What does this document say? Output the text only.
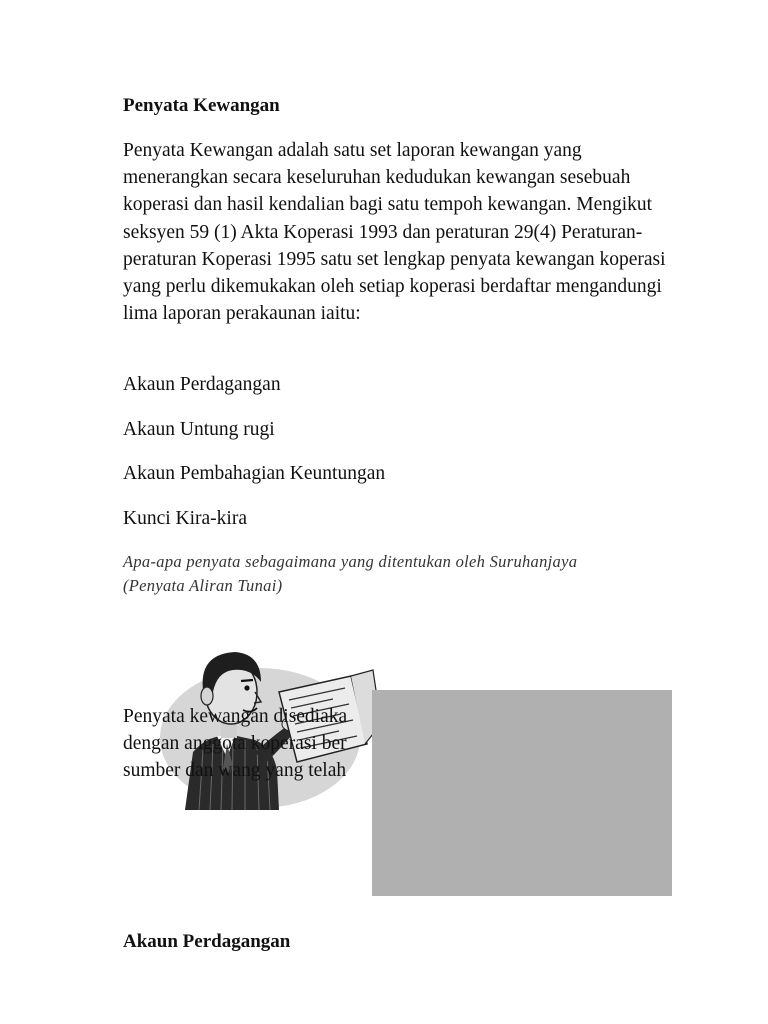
Penyata Kewangan

Penyata Kewangan adalah satu set laporan kewangan yang menerangkan secara keseluruhan kedudukan kewangan sesebuah koperasi dan hasil kendalian bagi satu tempoh kewangan. Mengikut seksyen 59 (1) Akta Koperasi 1993 dan peraturan 29(4) Peraturan-peraturan Koperasi 1995 satu set lengkap penyata kewangan koperasi yang perlu dikemukakan oleh setiap koperasi berdaftar mengandungi lima laporan perakaunan iaitu:

Akaun Perdagangan

Akaun Untung rugi

Akaun Pembahagian Keuntungan

Kunci Kira-kira

Apa-apa penyata sebagaimana yang ditentukan oleh Suruhanjaya
(Penyata Aliran Tunai)
Penyata kewangan disediaka
dengan anggota koperasi ber
sumber dan wang yang telah
Akaun Perdagangan
